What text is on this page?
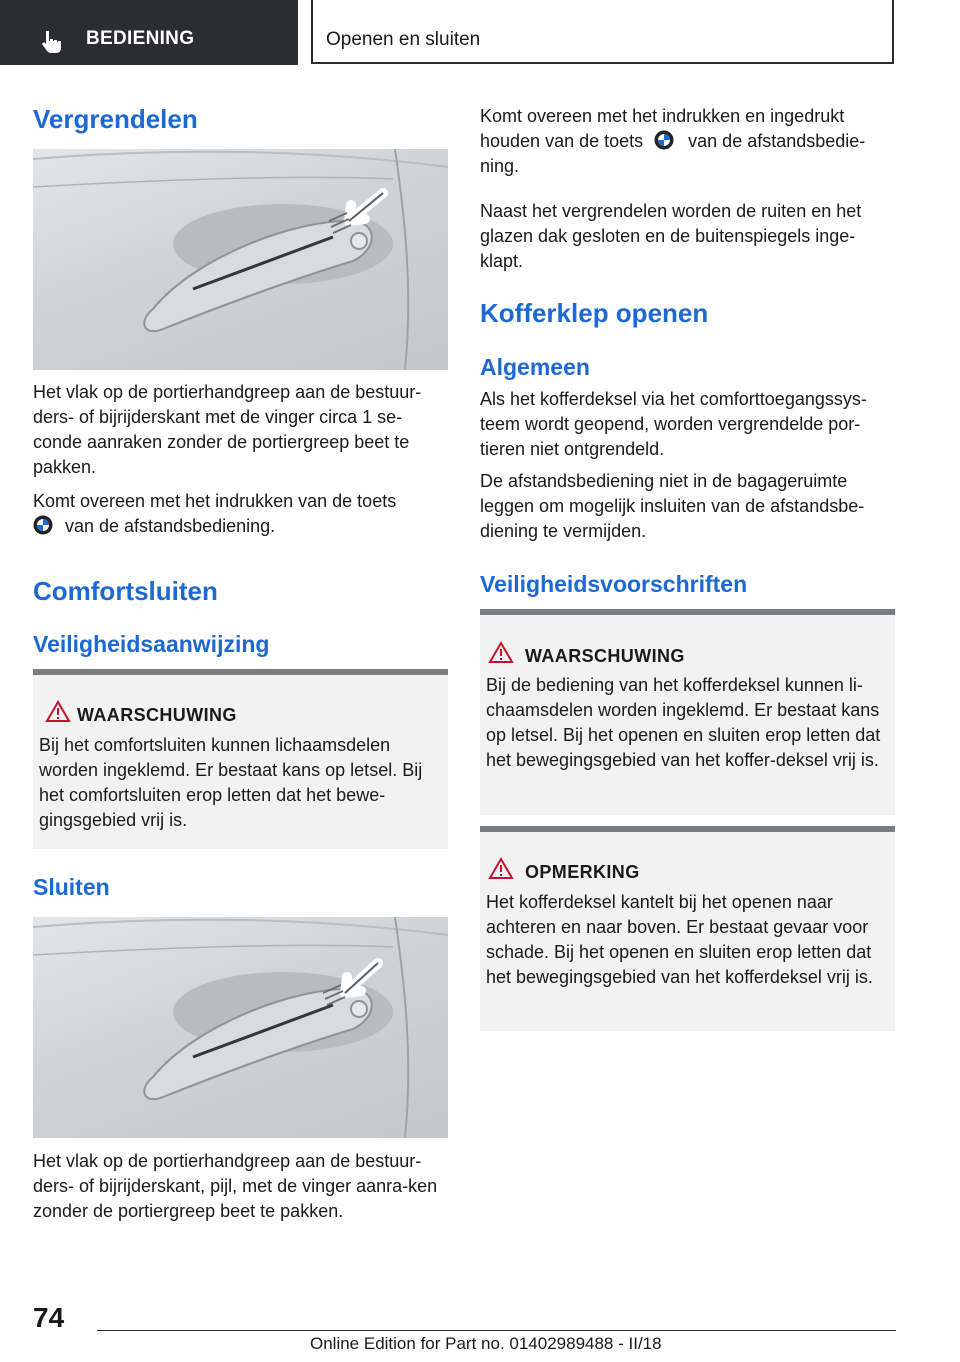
BEDIENING	Openen en sluiten
Vergrendelen

Het vlak op de portierhandgreep aan de bestuur-ders- of bijrijderskant met de vinger circa 1 se-conde aanraken zonder de portiergreep beet te pakken.

Komt overeen met het indrukken van de toets
van de afstandsbediening.

Comfortsluiten
Veiligheidsaanwijzing
WAARSCHUWING
Bij het comfortsluiten kunnen lichaamsdelen worden ingeklemd. Er bestaat kans op letsel. Bij het comfortsluiten erop letten dat het bewe-gingsgebied vrij is.
Sluiten

Het vlak op de portierhandgreep aan de bestuur-ders- of bijrijderskant, pijl, met de vinger aanra-ken zonder de portiergreep beet te pakken.

Komt overeen met het indrukken en ingedrukt
houden van de toets	van de afstandsbedie-
ning.

Naast het vergrendelen worden de ruiten en het glazen dak gesloten en de buitenspiegels inge-klapt.

Kofferklep openen
Algemeen

Als het kofferdeksel via het comforttoegangssys-teem wordt geopend, worden vergrendelde por-tieren niet ontgrendeld.

De afstandsbediening niet in de bagageruimte leggen om mogelijk insluiten van de afstandsbe-diening te vermijden.

Veiligheidsvoorschriften
WAARSCHUWING
Bij de bediening van het kofferdeksel kunnen li-chaamsdelen worden ingeklemd. Er bestaat kans op letsel. Bij het openen en sluiten erop letten dat het bewegingsgebied van het koffer-deksel vrij is.
OPMERKING
Het kofferdeksel kantelt bij het openen naar achteren en naar boven. Er bestaat gevaar voor schade. Bij het openen en sluiten erop letten dat het bewegingsgebied van het kofferdeksel vrij is.
74
Online Edition for Part no. 01402989488 - II/18
